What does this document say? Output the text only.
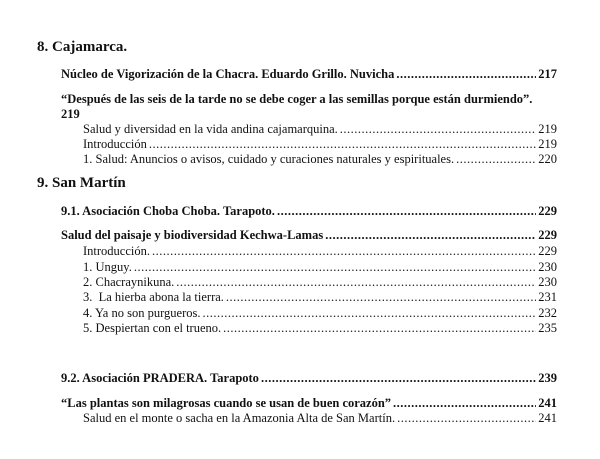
8. Cajamarca.
Núcleo de Vigorización de la Chacra. Eduardo Grillo. Nuvicha .....	217
“Después de las seis de la tarde no se debe coger a las semillas porque están durmiendo”.
219
Salud y diversidad en la vida andina cajamarquina. .....	219
Introducción .....	219
1. Salud: Anuncios o avisos, cuidado y curaciones naturales y espirituales. .....	220
9. San Martín
9.1. Asociación Choba Choba. Tarapoto. .....	229
Salud del paisaje y biodiversidad Kechwa-Lamas .....	229
Introducción. .....	229
1. Unguy. .....	230
2. Chacraynikuna. .....	230
3.  La hierba abona la tierra. .....	231
4. Ya no son purgueros. .....	232
5. Despiertan con el trueno. .....	235
9.2. Asociación PRADERA. Tarapoto .....	239
“Las plantas son milagrosas cuando se usan de buen corazón” .....	241
Salud en el monte o sacha en la Amazonia Alta de San Martín. .....	241
